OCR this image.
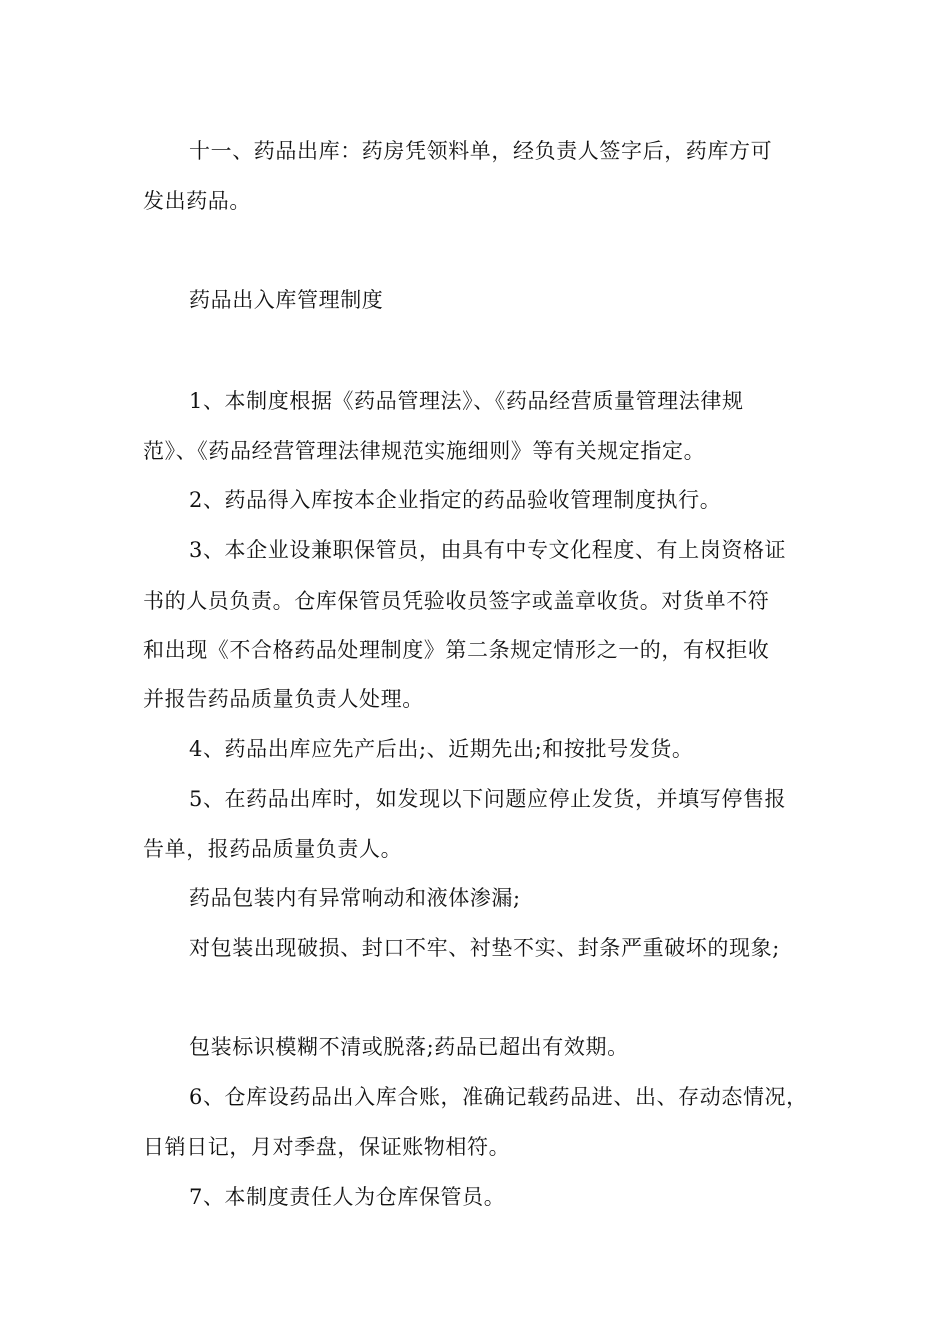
十一、药品出库：药房凭领料单，经负责人签字后，药库方可
发出药品。
药品出入库管理制度
1、本制度根据《药品管理法》、《药品经营质量管理法律规
范》、《药品经营管理法律规范实施细则》等有关规定指定。
2、药品得入库按本企业指定的药品验收管理制度执行。
3、本企业设兼职保管员，由具有中专文化程度、有上岗资格证
书的人员负责。仓库保管员凭验收员签字或盖章收货。对货单不符
和出现《不合格药品处理制度》第二条规定情形之一的，有权拒收
并报告药品质量负责人处理。
4、药品出库应先产后出;、近期先出;和按批号发货。
5、在药品出库时，如发现以下问题应停止发货，并填写停售报
告单，报药品质量负责人。
药品包装内有异常响动和液体渗漏;
对包装出现破损、封口不牢、衬垫不实、封条严重破坏的现象;
包装标识模糊不清或脱落;药品已超出有效期。
6、仓库设药品出入库合账，准确记载药品进、出、存动态情况，
日销日记，月对季盘，保证账物相符。
7、本制度责任人为仓库保管员。
